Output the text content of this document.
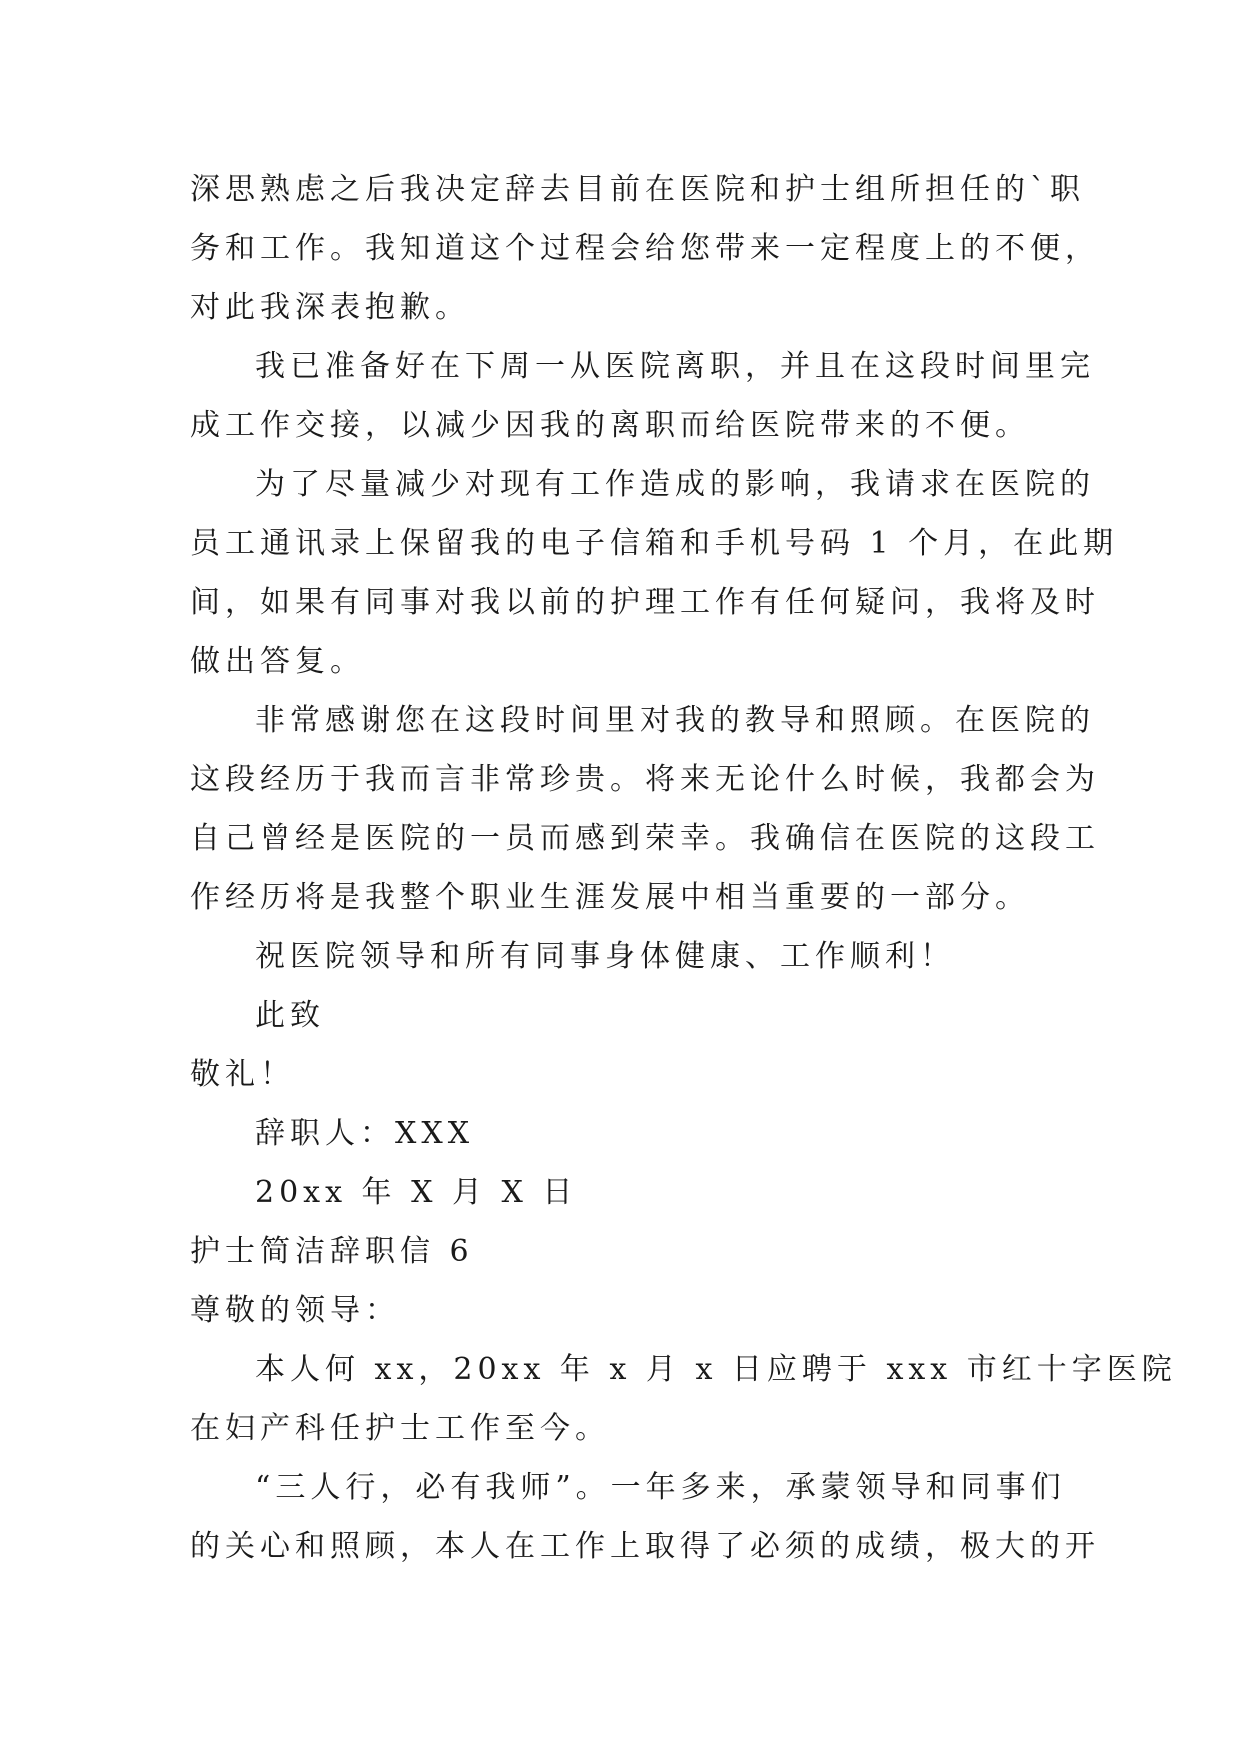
深思熟虑之后我决定辞去目前在医院和护士组所担任的`职
务和工作。我知道这个过程会给您带来一定程度上的不便，
对此我深表抱歉。
我已准备好在下周一从医院离职，并且在这段时间里完
成工作交接，以减少因我的离职而给医院带来的不便。
为了尽量减少对现有工作造成的影响，我请求在医院的
员工通讯录上保留我的电子信箱和手机号码 1 个月，在此期
间，如果有同事对我以前的护理工作有任何疑问，我将及时
做出答复。
非常感谢您在这段时间里对我的教导和照顾。在医院的
这段经历于我而言非常珍贵。将来无论什么时候，我都会为
自己曾经是医院的一员而感到荣幸。我确信在医院的这段工
作经历将是我整个职业生涯发展中相当重要的一部分。
祝医院领导和所有同事身体健康、工作顺利！
此致
敬礼！
辞职人：XXX
20xx 年 X 月 X 日
护士简洁辞职信 6
尊敬的领导：
本人何 xx，20xx 年 x 月 x 日应聘于 xxx 市红十字医院
在妇产科任护士工作至今。
“三人行，必有我师”。一年多来，承蒙领导和同事们
的关心和照顾，本人在工作上取得了必须的成绩，极大的开
